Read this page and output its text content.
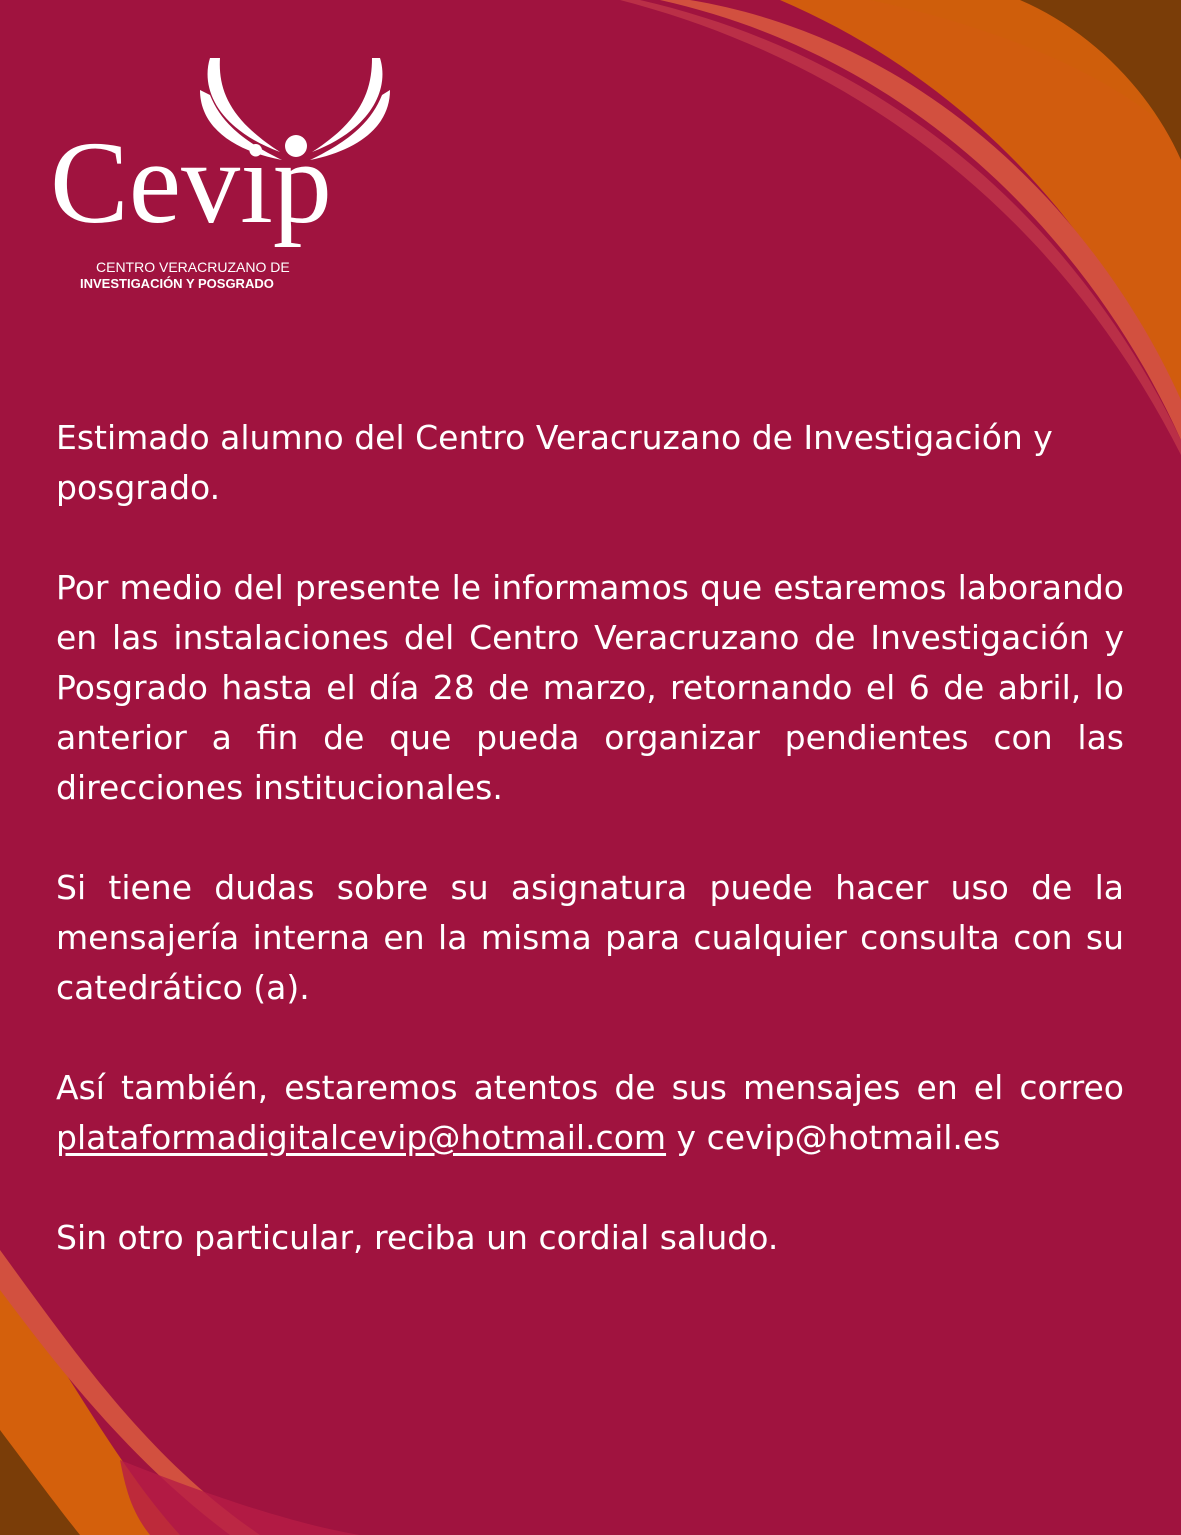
Cevip
CENTRO VERACRUZANO DE
INVESTIGACIÓN Y POSGRADO

Estimado alumno del Centro Veracruzano de Investigación y posgrado.

Por medio del presente le informamos que estaremos laborando en las instalaciones del Centro Veracruzano de Investigación y Posgrado hasta el día 28 de marzo, retornando el 6 de abril, lo anterior a fin de que pueda organizar pendientes con las direcciones institucionales.

Si tiene dudas sobre su asignatura puede hacer uso de la mensajería interna en la misma para cualquier consulta con su catedrático (a).

Así también, estaremos atentos de sus mensajes en el correo plataformadigitalcevip@hotmail.com y cevip@hotmail.es

Sin otro particular, reciba un cordial saludo.
